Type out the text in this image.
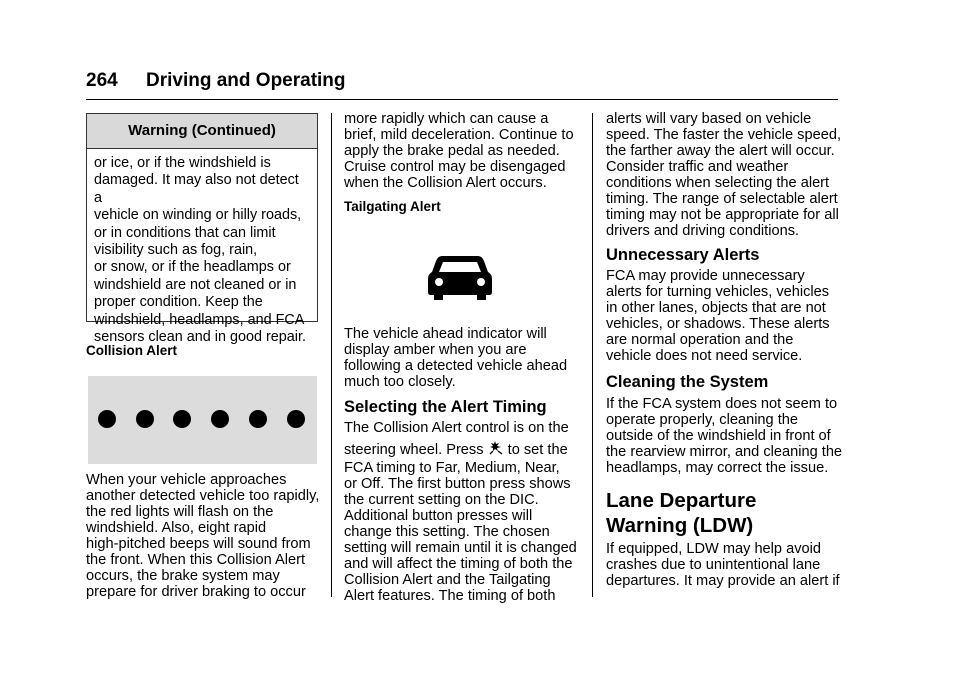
264 Driving and Operating
Warning (Continued)
or ice, or if the windshield is
damaged. It may also not detect a
vehicle on winding or hilly roads,
or in conditions that can limit
visibility such as fog, rain,
or snow, or if the headlamps or
windshield are not cleaned or in
proper condition. Keep the
windshield, headlamps, and FCA
sensors clean and in good repair.
Collision Alert
When your vehicle approaches
another detected vehicle too rapidly,
the red lights will flash on the
windshield. Also, eight rapid
high-pitched beeps will sound from
the front. When this Collision Alert
occurs, the brake system may
prepare for driver braking to occur
more rapidly which can cause a
brief, mild deceleration. Continue to
apply the brake pedal as needed.
Cruise control may be disengaged
when the Collision Alert occurs.
Tailgating Alert
The vehicle ahead indicator will
display amber when you are
following a detected vehicle ahead
much too closely.
Selecting the Alert Timing
The Collision Alert control is on the
steering wheel. Press to set the
FCA timing to Far, Medium, Near,
or Off. The first button press shows
the current setting on the DIC.
Additional button presses will
change this setting. The chosen
setting will remain until it is changed
and will affect the timing of both the
Collision Alert and the Tailgating
Alert features. The timing of both
alerts will vary based on vehicle
speed. The faster the vehicle speed,
the farther away the alert will occur.
Consider traffic and weather
conditions when selecting the alert
timing. The range of selectable alert
timing may not be appropriate for all
drivers and driving conditions.
Unnecessary Alerts
FCA may provide unnecessary
alerts for turning vehicles, vehicles
in other lanes, objects that are not
vehicles, or shadows. These alerts
are normal operation and the
vehicle does not need service.
Cleaning the System
If the FCA system does not seem to
operate properly, cleaning the
outside of the windshield in front of
the rearview mirror, and cleaning the
headlamps, may correct the issue.
Lane Departure
Warning (LDW)
If equipped, LDW may help avoid
crashes due to unintentional lane
departures. It may provide an alert if
